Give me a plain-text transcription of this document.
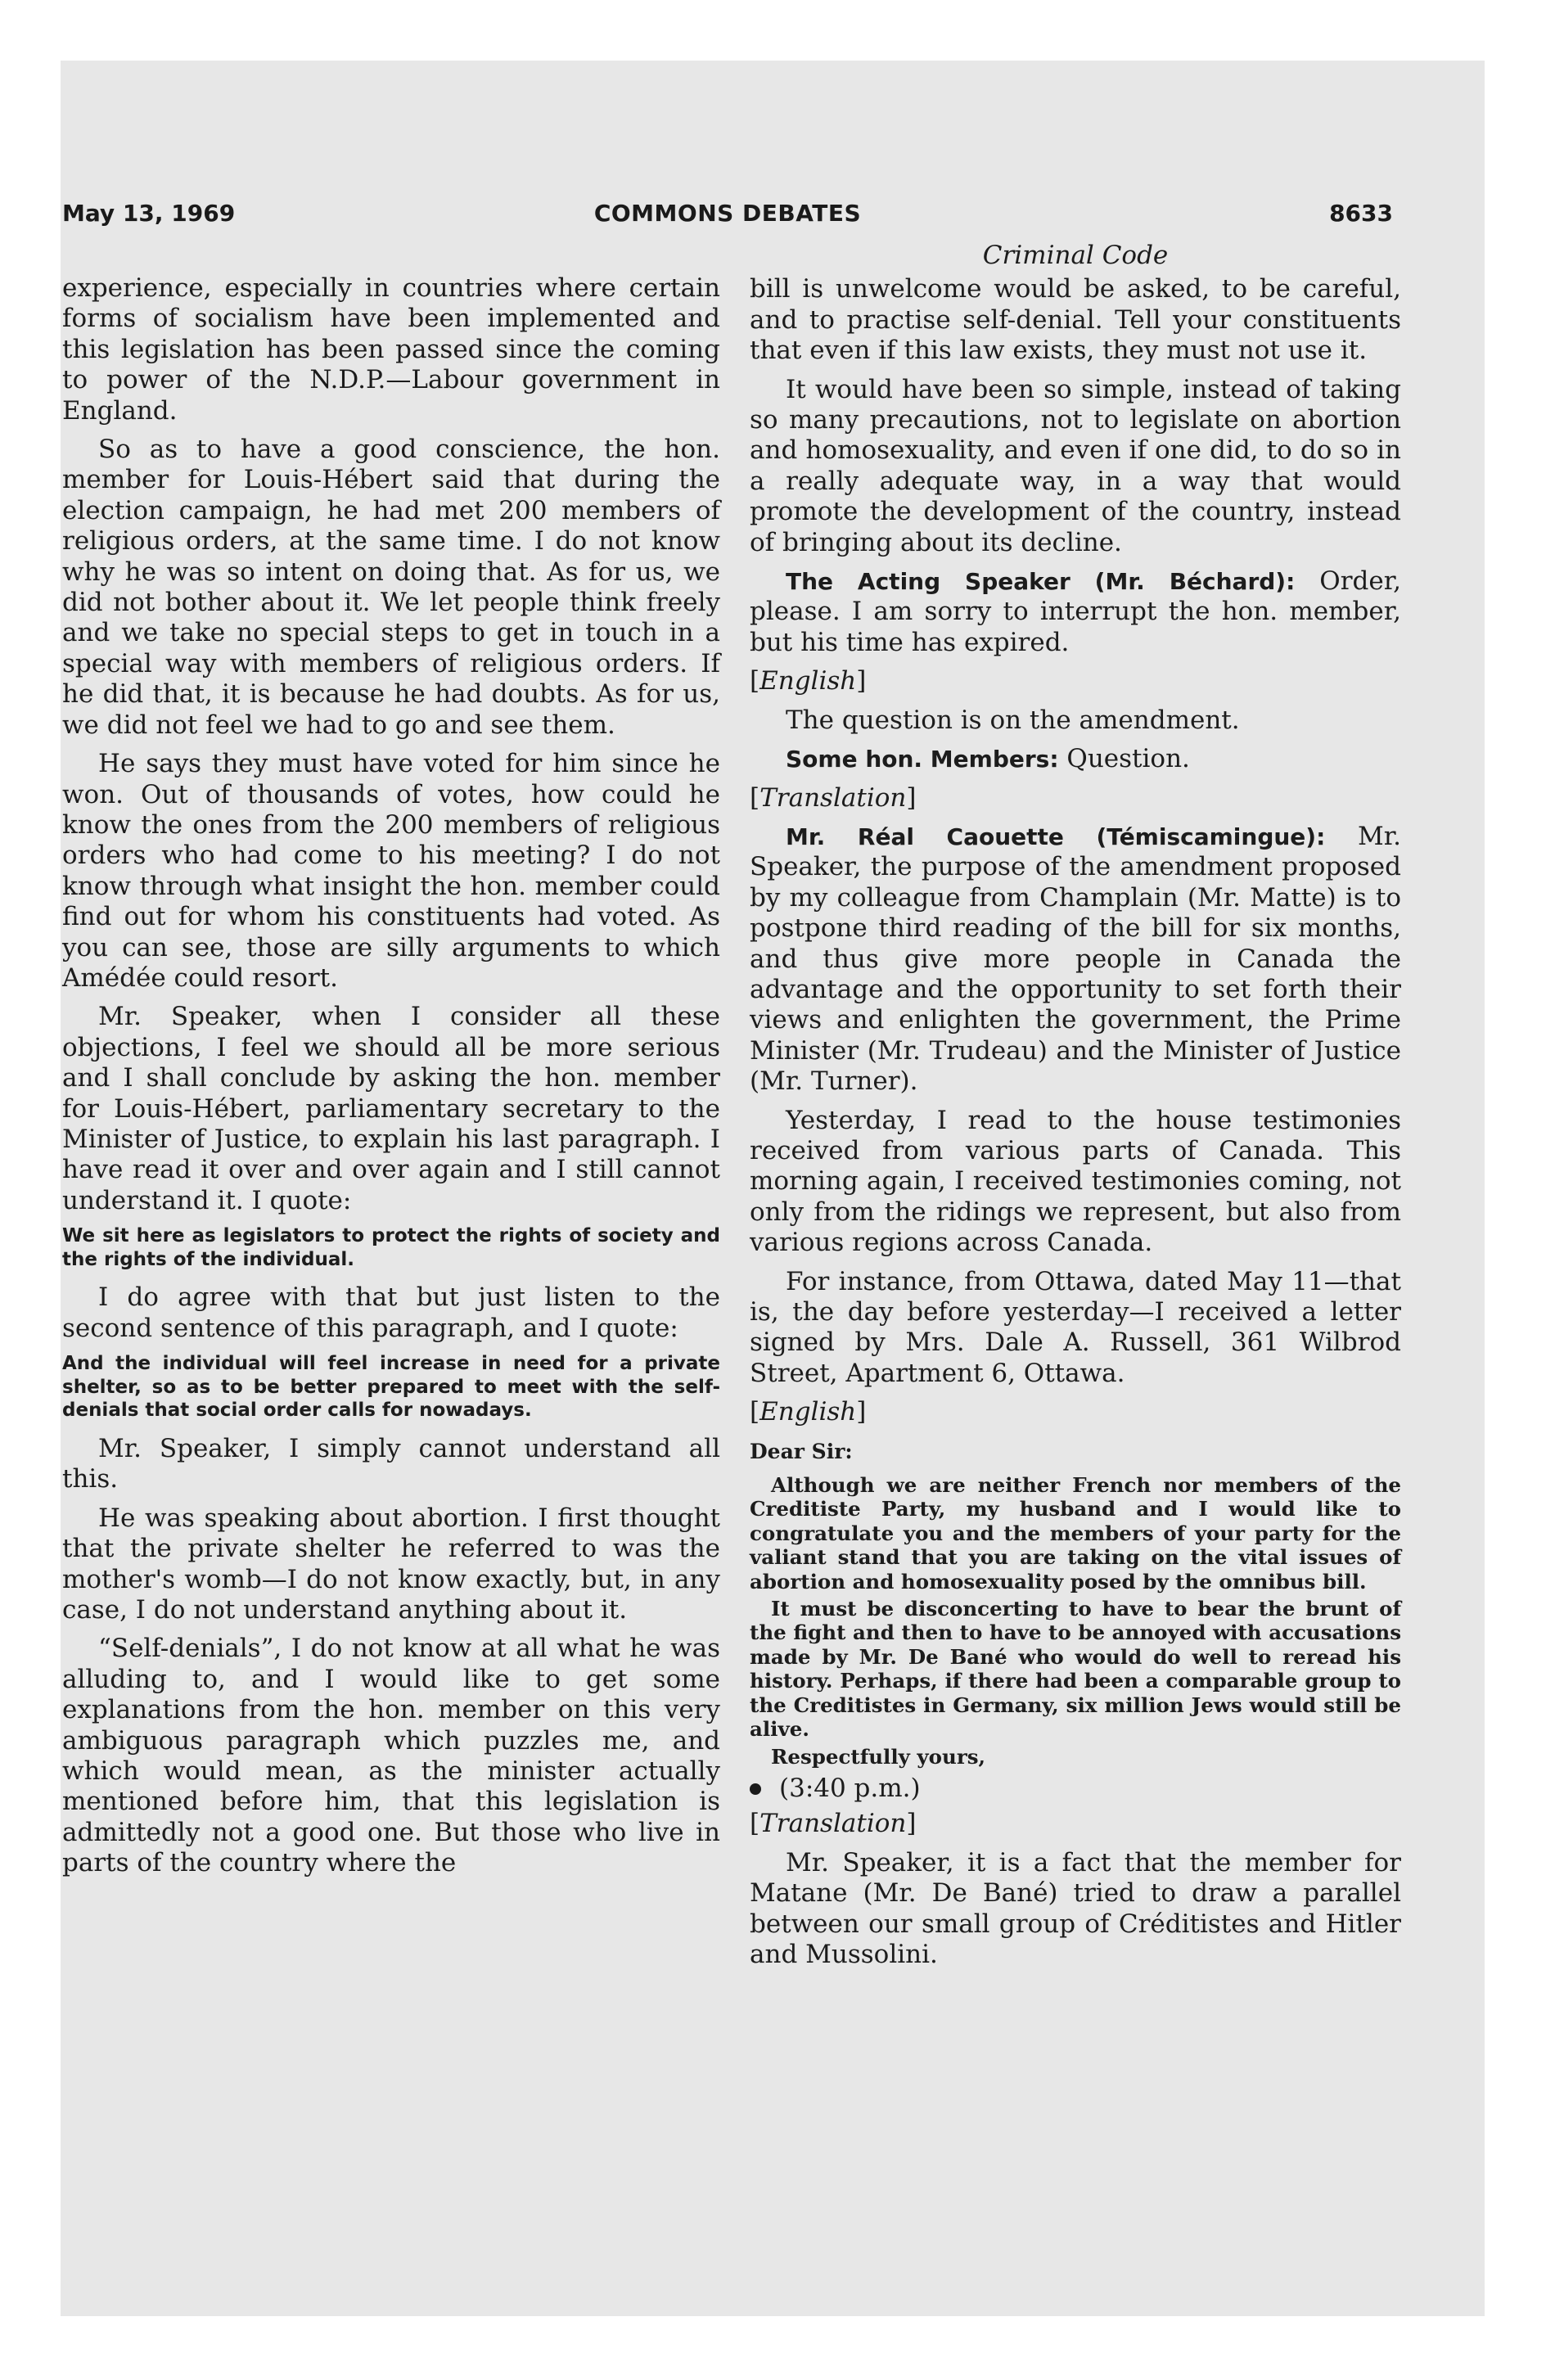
May 13, 1969	COMMONS DEBATES	8633

experience, especially in countries where certain forms of socialism have been implemented and this legislation has been passed since the coming to power of the N.D.P.—Labour government in England.

So as to have a good conscience, the hon. member for Louis-Hébert said that during the election campaign, he had met 200 members of religious orders, at the same time. I do not know why he was so intent on doing that. As for us, we did not bother about it. We let people think freely and we take no special steps to get in touch in a special way with members of religious orders. If he did that, it is because he had doubts. As for us, we did not feel we had to go and see them.

He says they must have voted for him since he won. Out of thousands of votes, how could he know the ones from the 200 members of religious orders who had come to his meeting? I do not know through what insight the hon. member could find out for whom his constituents had voted. As you can see, those are silly arguments to which Amédée could resort.

Mr. Speaker, when I consider all these objections, I feel we should all be more serious and I shall conclude by asking the hon. member for Louis-Hébert, parliamentary secretary to the Minister of Justice, to explain his last paragraph. I have read it over and over again and I still cannot understand it. I quote:

We sit here as legislators to protect the rights of society and the rights of the individual.

I do agree with that but just listen to the second sentence of this paragraph, and I quote:

And the individual will feel increase in need for a private shelter, so as to be better prepared to meet with the self-denials that social order calls for nowadays.

Mr. Speaker, I simply cannot understand all this.

He was speaking about abortion. I first thought that the private shelter he referred to was the mother's womb—I do not know exactly, but, in any case, I do not understand anything about it.

“Self-denials”, I do not know at all what he was alluding to, and I would like to get some explanations from the hon. member on this very ambiguous paragraph which puzzles me, and which would mean, as the minister actually mentioned before him, that this legislation is admittedly not a good one. But those who live in parts of the country where the

Criminal Code

bill is unwelcome would be asked, to be careful, and to practise self-denial. Tell your constituents that even if this law exists, they must not use it.

It would have been so simple, instead of taking so many precautions, not to legislate on abortion and homosexuality, and even if one did, to do so in a really adequate way, in a way that would promote the development of the country, instead of bringing about its decline.

The Acting Speaker (Mr. Béchard): Order, please. I am sorry to interrupt the hon. member, but his time has expired.

[English]

The question is on the amendment.

Some hon. Members: Question.

[Translation]

Mr. Réal Caouette (Témiscamingue): Mr. Speaker, the purpose of the amendment proposed by my colleague from Champlain (Mr. Matte) is to postpone third reading of the bill for six months, and thus give more people in Canada the advantage and the opportunity to set forth their views and enlighten the government, the Prime Minister (Mr. Trudeau) and the Minister of Justice (Mr. Turner).

Yesterday, I read to the house testimonies received from various parts of Canada. This morning again, I received testimonies coming, not only from the ridings we represent, but also from various regions across Canada.

For instance, from Ottawa, dated May 11—that is, the day before yesterday—I received a letter signed by Mrs. Dale A. Russell, 361 Wilbrod Street, Apartment 6, Ottawa.

[English]
Dear Sir:
Although we are neither French nor members of the Creditiste Party, my husband and I would like to congratulate you and the members of your party for the valiant stand that you are taking on the vital issues of abortion and homosexuality posed by the omnibus bill.
It must be disconcerting to have to bear the brunt of the fight and then to have to be annoyed with accusations made by Mr. De Bané who would do well to reread his history. Perhaps, if there had been a comparable group to the Creditistes in Germany, six million Jews would still be alive.
Respectfully yours,
(3:40 p.m.)
[Translation]

Mr. Speaker, it is a fact that the member for Matane (Mr. De Bané) tried to draw a parallel between our small group of Créditistes and Hitler and Mussolini.
